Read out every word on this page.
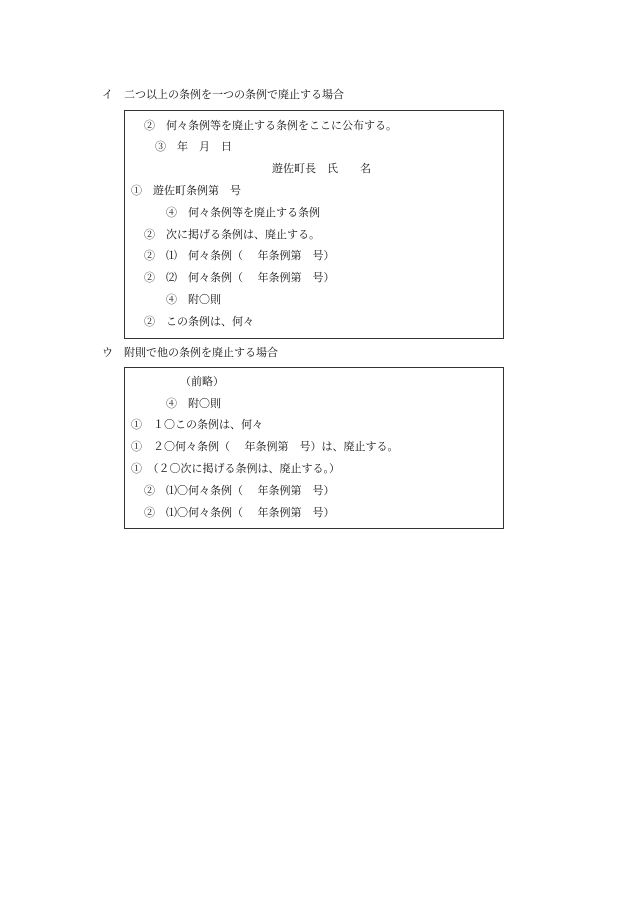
イ　二つ以上の条例を一つの条例で廃止する場合
②　何々条例等を廃止する条例をここに公布する。
③　年　月　日
遊佐町長　氏　　名
①　遊佐町条例第　号
④　何々条例等を廃止する条例
②　次に掲げる条例は、廃止する。
②　⑴　何々条例（　 年条例第　号）
②　⑵　何々条例（　 年条例第　号）
④　附〇則
②　この条例は、何々
ウ　附則で他の条例を廃止する場合
（前略）
④　附〇則
①　１〇この条例は、何々
①　２〇何々条例（　 年条例第　号）は、廃止する。
①　（２〇次に掲げる条例は、廃止する。）
②　⑴〇何々条例（　 年条例第　号）
②　⑴〇何々条例（　 年条例第　号）
